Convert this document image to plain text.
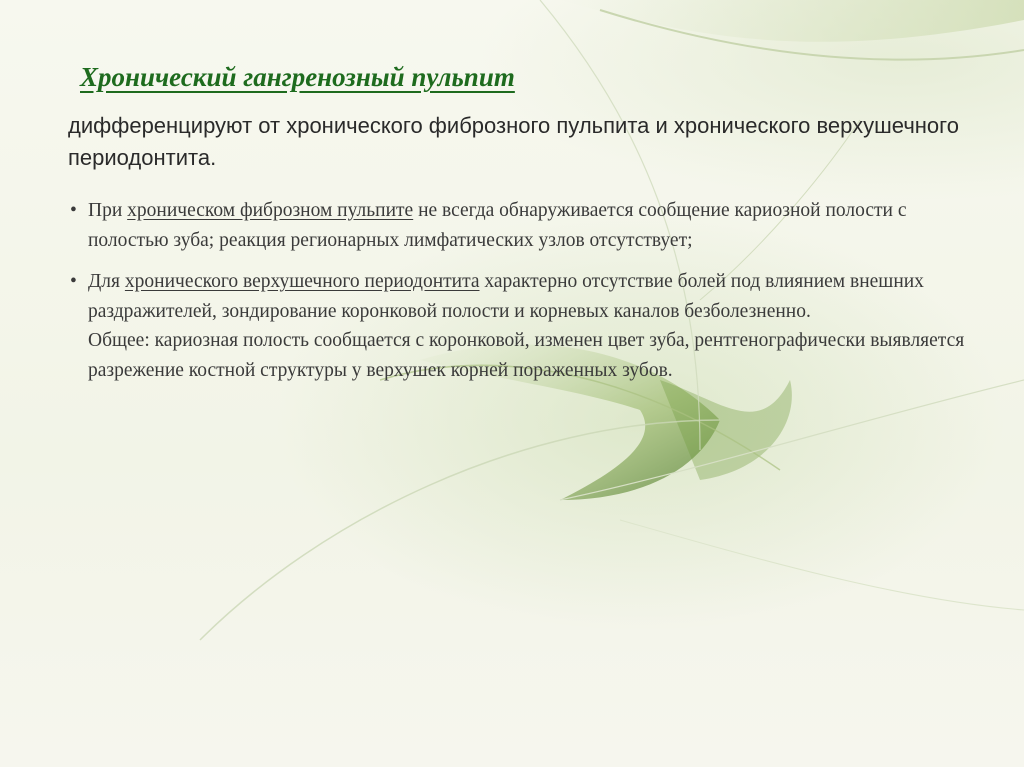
Хронический гангренозный пульпит
дифференцируют от хронического фиброзного пульпита и хронического верхушечного периодонтита.
• При хроническом фиброзном пульпите не всегда обнаруживается сообщение кариозной полости с полостью зуба; реакция регионарных лимфатических узлов отсутствует;
• Для хронического верхушечного периодонтита характерно отсутствие болей под влиянием внешних раздражителей, зондирование коронковой полости и корневых каналов безболезненно.
Общее: кариозная полость сообщается с коронковой, изменен цвет зуба, рентгенографически выявляется разрежение костной структуры у верхушек корней пораженных зубов.
